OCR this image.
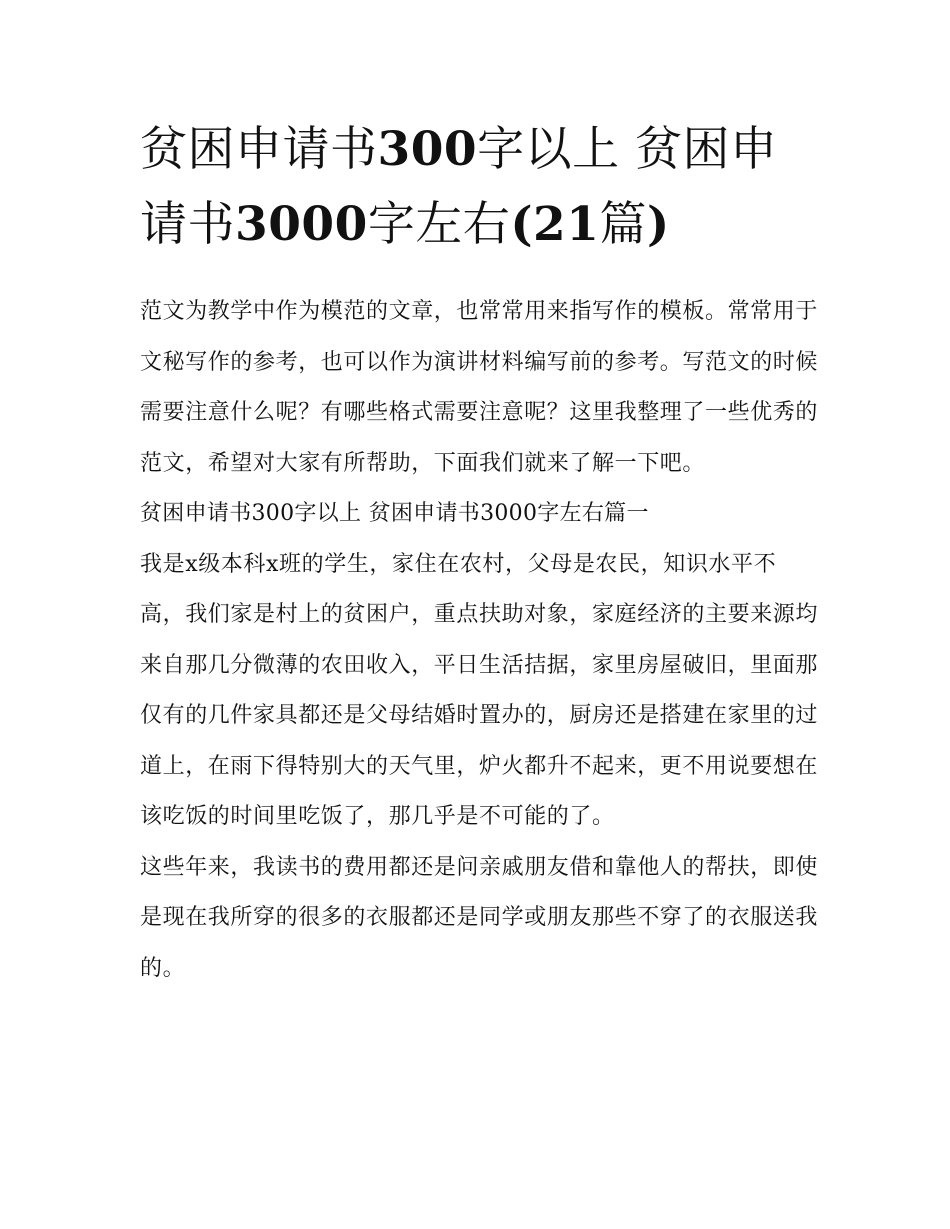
贫困申请书300字以上 贫困申
请书3000字左右(21篇)

范文为教学中作为模范的文章，也常常用来指写作的模板。常常用于文秘写作的参考，也可以作为演讲材料编写前的参考。写范文的时候需要注意什么呢？有哪些格式需要注意呢？这里我整理了一些优秀的范文，希望对大家有所帮助，下面我们就来了解一下吧。

贫困申请书300字以上 贫困申请书3000字左右篇一

我是x级本科x班的学生，家住在农村，父母是农民，知识水平不高，我们家是村上的贫困户，重点扶助对象，家庭经济的主要来源均来自那几分微薄的农田收入，平日生活拮据，家里房屋破旧，里面那仅有的几件家具都还是父母结婚时置办的，厨房还是搭建在家里的过道上，在雨下得特别大的天气里，炉火都升不起来，更不用说要想在该吃饭的时间里吃饭了，那几乎是不可能的了。

这些年来，我读书的费用都还是问亲戚朋友借和靠他人的帮扶，即使是现在我所穿的很多的衣服都还是同学或朋友那些不穿了的衣服送我的。
